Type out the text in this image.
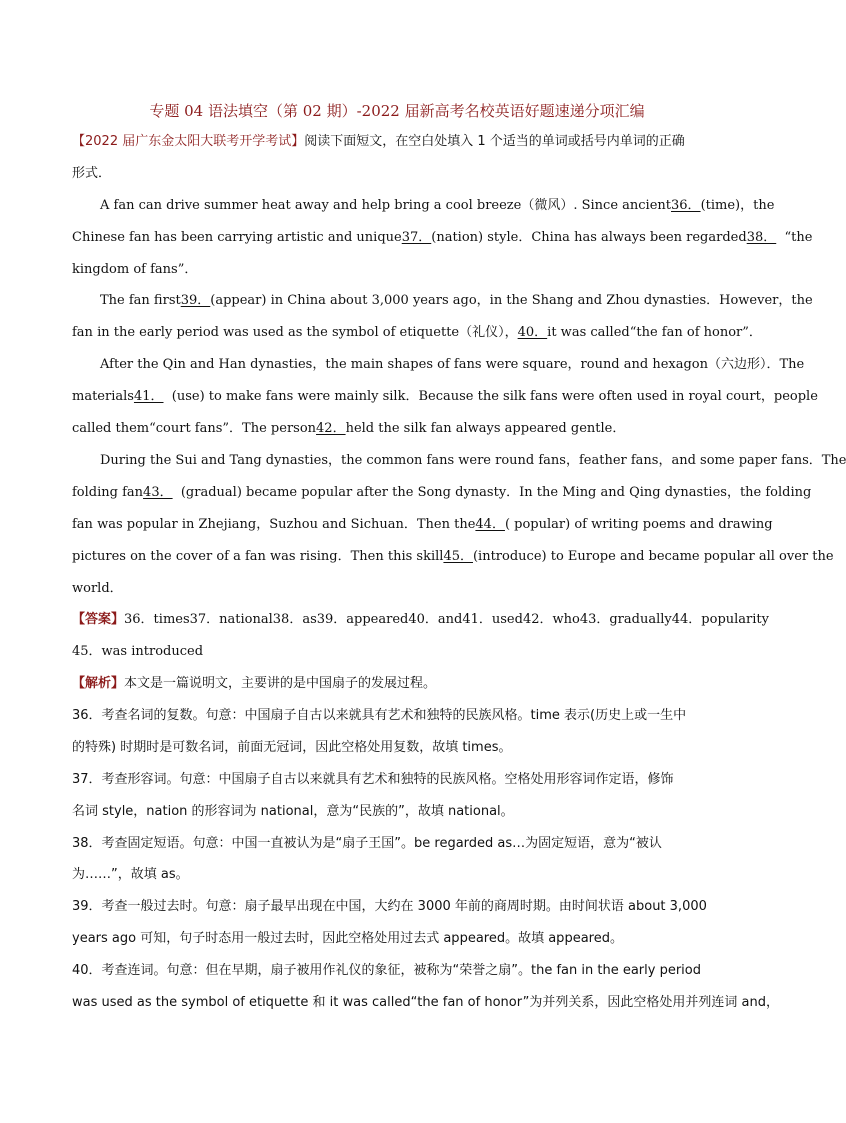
专题 04 语法填空（第 02 期）-2022 届新高考名校英语好题速递分项汇编
【2022 届广东金太阳大联考开学考试】阅读下面短文，在空白处填入 1 个适当的单词或括号内单词的正确
形式．
A fan can drive summer heat away and help bring a cool breeze（微风）. Since ancient36．(time)，the
Chinese fan has been carrying artistic and unique37．(nation) style．China has always been regarded38． “the
kingdom of fans”．
The fan first39．(appear) in China about 3,000 years ago，in the Shang and Zhou dynasties．However，the
fan in the early period was used as the symbol of etiquette（礼仪），40．it was called“the fan of honor”．
After the Qin and Han dynasties，the main shapes of fans were square，round and hexagon（六边形）．The
materials41． (use) to make fans were mainly silk．Because the silk fans were often used in royal court，people
called them“court fans”．The person42．held the silk fan always appeared gentle．
During the Sui and Tang dynasties，the common fans were round fans，feather fans，and some paper fans．The
folding fan43． (gradual) became popular after the Song dynasty．In the Ming and Qing dynasties，the folding
fan was popular in Zhejiang，Suzhou and Sichuan．Then the44．( popular) of writing poems and drawing
pictures on the cover of a fan was rising．Then this skill45．(introduce) to Europe and became popular all over the
world．
【答案】36．times37．national38．as39．appeared40．and41．used42．who43．gradually44．popularity
45．was introduced
【解析】本文是一篇说明文，主要讲的是中国扇子的发展过程。
36．考查名词的复数。句意：中国扇子自古以来就具有艺术和独特的民族风格。time 表示(历史上或一生中
的特殊) 时期时是可数名词，前面无冠词，因此空格处用复数，故填 times。
37．考查形容词。句意：中国扇子自古以来就具有艺术和独特的民族风格。空格处用形容词作定语，修饰
名词 style，nation 的形容词为 national，意为“民族的”，故填 national。
38．考查固定短语。句意：中国一直被认为是“扇子王国”。be regarded as…为固定短语，意为“被认
为……”，故填 as。
39．考查一般过去时。句意：扇子最早出现在中国，大约在 3000 年前的商周时期。由时间状语 about 3,000
years ago 可知，句子时态用一般过去时，因此空格处用过去式 appeared。故填 appeared。
40．考查连词。句意：但在早期，扇子被用作礼仪的象征，被称为“荣誉之扇”。the fan in the early period
was used as the symbol of etiquette 和 it was called“the fan of honor”为并列关系，因此空格处用并列连词 and，
